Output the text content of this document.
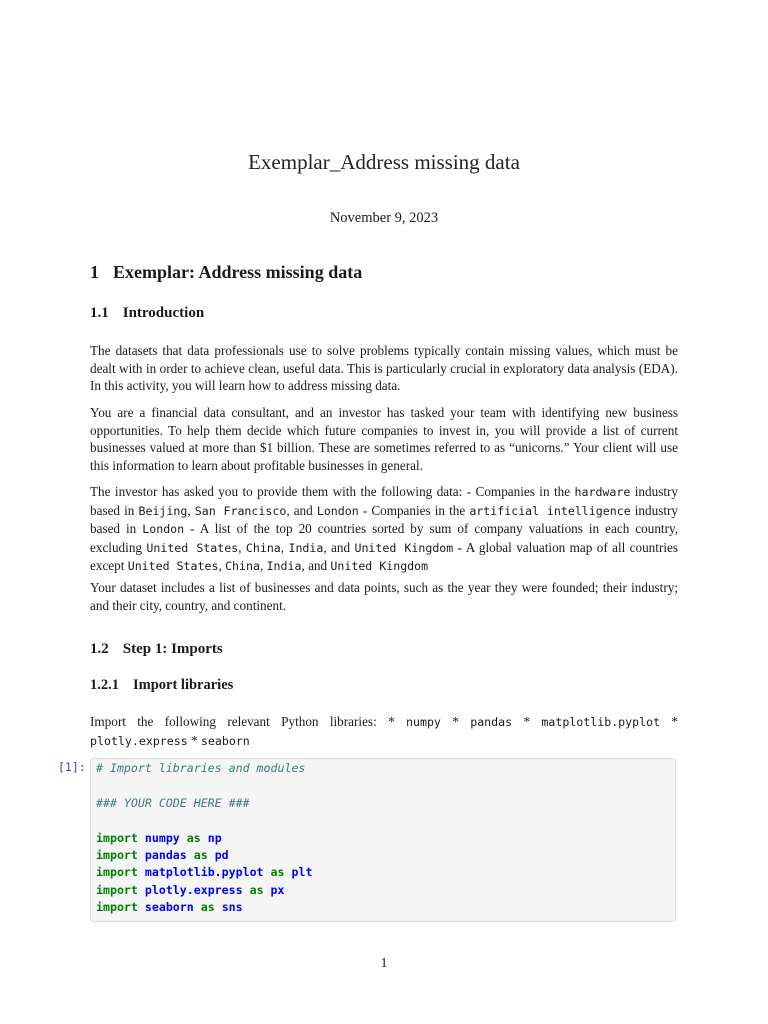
Exemplar_Address missing data
November 9, 2023
1 Exemplar: Address missing data
1.1 Introduction
The datasets that data professionals use to solve problems typically contain missing values, which must be dealt with in order to achieve clean, useful data. This is particularly crucial in exploratory data analysis (EDA). In this activity, you will learn how to address missing data.
You are a financial data consultant, and an investor has tasked your team with identifying new business opportunities. To help them decide which future companies to invest in, you will provide a list of current businesses valued at more than $1 billion. These are sometimes referred to as “unicorns.” Your client will use this information to learn about profitable businesses in general.
The investor has asked you to provide them with the following data: - Companies in the hardware industry based in Beijing, San Francisco, and London - Companies in the artificial intelligence industry based in London - A list of the top 20 countries sorted by sum of company valuations in each country, excluding United States, China, India, and United Kingdom - A global valuation map of all countries except United States, China, India, and United Kingdom
Your dataset includes a list of businesses and data points, such as the year they were founded; their industry; and their city, country, and continent.
1.2 Step 1: Imports
1.2.1 Import libraries
Import the following relevant Python libraries: * numpy * pandas * matplotlib.pyplot * plotly.express * seaborn
[1]: # Import libraries and modules

### YOUR CODE HERE ###

import numpy as np
import pandas as pd
import matplotlib.pyplot as plt
import plotly.express as px
import seaborn as sns
1
